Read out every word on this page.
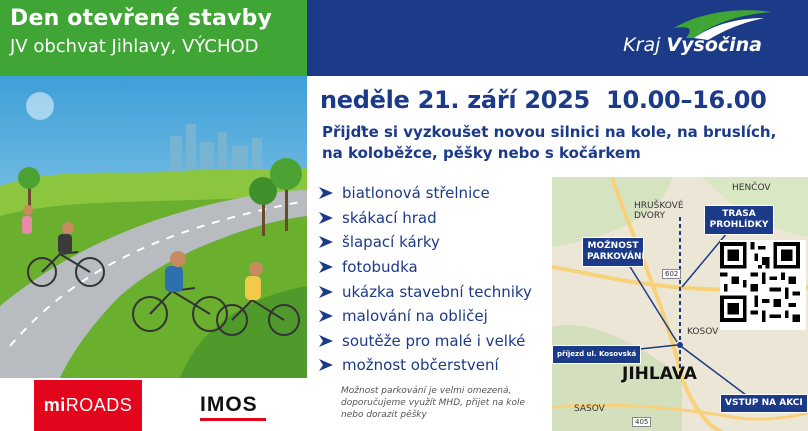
Den otevřené stavby
JV obchvat Jihlavy, VÝCHOD	Kraj Vysočina
mi ROADS	IMOS
neděle 21. září 2025  10.00–16.00
Přijďte si vyzkoušet novou silnici na kole, na bruslích, na koloběžce, pěšky nebo s kočárkem
biatlonová střelnice
skákací hrad
šlapací kárky
fotobudka
ukázka stavební techniky
malování na obličej
soutěže pro malé i velké
možnost občerstvení
Možnost parkování je velmi omezená, doporučujeme využít MHD, přijet na kole nebo dorazit pěšky
HENČOV
HRUŠKOVÉ DVORY
KOSOV
SASOV
JIHLAVA
602
405
TRASA PROHLÍDKY
MOŽNOST PARKOVÁNÍ
příjezd ul. Kosovská
VSTUP NA AKCI
